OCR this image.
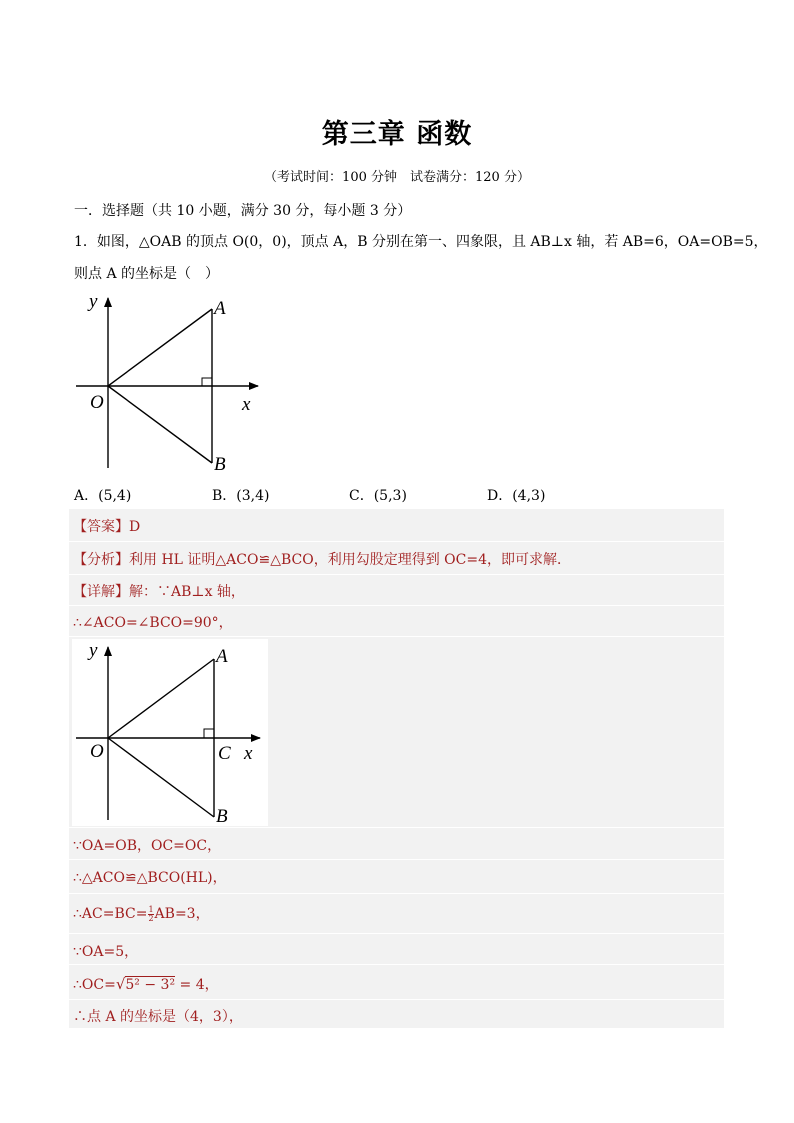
第三章 函数
（考试时间：100 分钟　试卷满分：120 分）
一．选择题（共 10 小题，满分 30 分，每小题 3 分）
1．如图，△OAB 的顶点 O(0，0)，顶点 A，B 分别在第一、四象限，且 AB⊥x 轴，若 AB=6，OA=OB=5，
则点 A 的坐标是（　）
y	A
O	x
B
A．(5,4)	B．(3,4)	C．(5,3)	D．(4,3)
【答案】D
【分析】利用 HL 证明△ACO≌△BCO，利用勾股定理得到 OC=4，即可求解．
【详解】解：∵AB⊥x 轴，
∴∠ACO=∠BCO=90°，
y	A
O	C x
B
∵OA=OB，OC=OC，
∴△ACO≌△BCO(HL)，
∴AC=BC= $\frac{1}{2} AB=3$，
∵OA=5，
∴OC=√5² − 3² = 4，
∴点 A 的坐标是（4，3），
